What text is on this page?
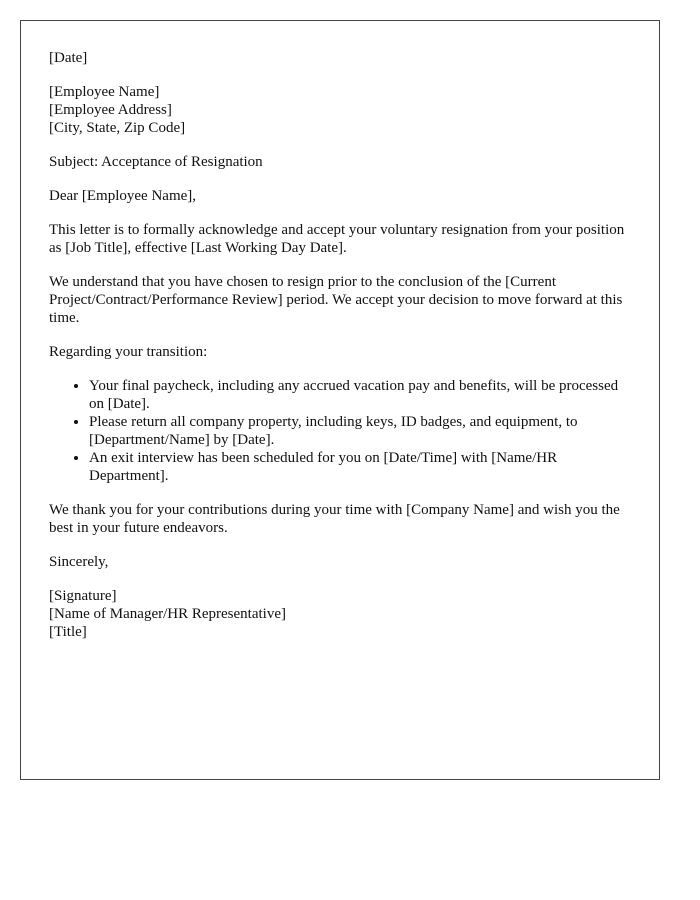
[Date]
[Employee Name]
[Employee Address]
[City, State, Zip Code]

Subject: Acceptance of Resignation

Dear [Employee Name],

This letter is to formally acknowledge and accept your voluntary resignation from your position as [Job Title], effective [Last Working Day Date].

We understand that you have chosen to resign prior to the conclusion of the [Current Project/Contract/Performance Review] period. We accept your decision to move forward at this time.

Regarding your transition:

• Your final paycheck, including any accrued vacation pay and benefits, will be processed on [Date].
• Please return all company property, including keys, ID badges, and equipment, to [Department/Name] by [Date].
• An exit interview has been scheduled for you on [Date/Time] with [Name/HR Department].

We thank you for your contributions during your time with [Company Name] and wish you the best in your future endeavors.

Sincerely,

[Signature]
[Name of Manager/HR Representative]
[Title]
